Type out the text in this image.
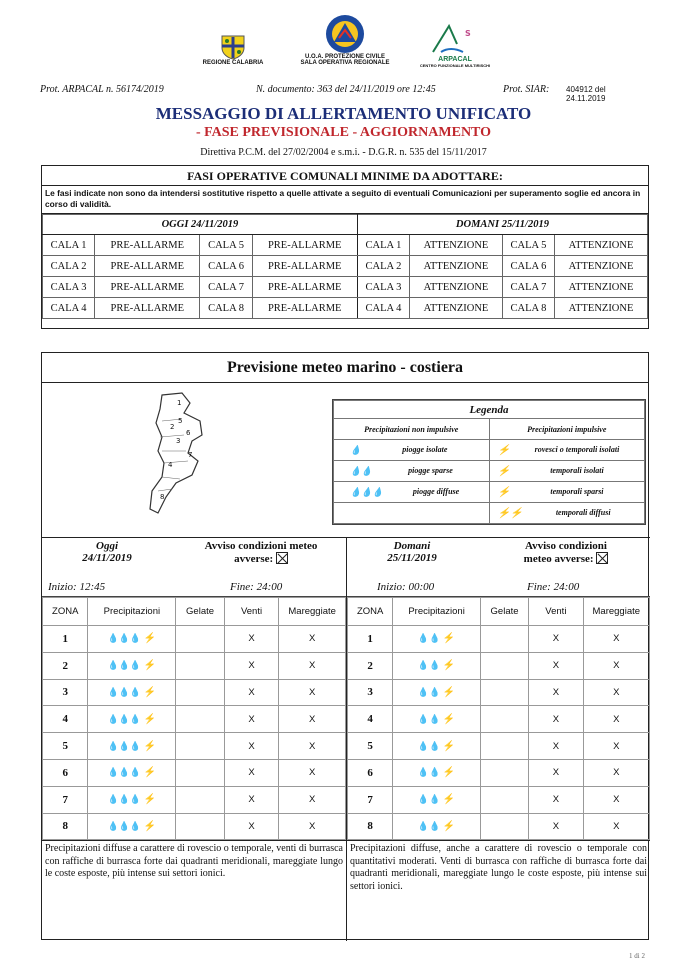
REGIONE CALABRIA
U.O.A. PROTEZIONE CIVILE
SALA OPERATIVA REGIONALE
S
ARPACAL
CENTRO FUNZIONALE MULTIRISCHI
Prot. ARPACAL n. 56174/2019	N. documento: 363 del 24/11/2019 ore 12:45	Prot. SIAR: 404912 del 24.11.2019
MESSAGGIO DI ALLERTAMENTO UNIFICATO
- FASE PREVISIONALE - AGGIORNAMENTO
Direttiva P.C.M. del 27/02/2004 e s.m.i. - D.G.R. n. 535 del 15/11/2017
FASI OPERATIVE COMUNALI MINIME DA ADOTTARE:
Le fasi indicate non sono da intendersi sostitutive rispetto a quelle attivate a seguito di eventuali Comunicazioni per superamento soglie ed ancora in corso di validità.
OGGI 24/11/2019				DOMANI 25/11/2019			
CALA 1	PRE-ALLARME	CALA 5	PRE-ALLARME	CALA 1	ATTENZIONE	CALA 5	ATTENZIONE
CALA 2	PRE-ALLARME	CALA 6	PRE-ALLARME	CALA 2	ATTENZIONE	CALA 6	ATTENZIONE
CALA 3	PRE-ALLARME	CALA 7	PRE-ALLARME	CALA 3	ATTENZIONE	CALA 7	ATTENZIONE
CALA 4	PRE-ALLARME	CALA 8	PRE-ALLARME	CALA 4	ATTENZIONE	CALA 8	ATTENZIONE
Previsione meteo marino - costiera
1
2
3
4
5
6
7
8
Legenda	
Precipitazioni non impulsive	Precipitazioni impulsive

💧 piogge isolate	⚡ rovesci o temporali isolati

💧💧 piogge sparse	⚡ temporali isolati

💧💧💧 piogge diffuse	⚡ temporali sparsi

	⚡⚡ temporali diffusi
Oggi
24/11/2019
Avviso condizioni meteo
avverse:
Inizio: 12:45	Fine: 24:00
ZONA	Precipitazioni	Gelate	Venti	Mareggiate
1	💧💧💧 ⚡		X	X
2	💧💧💧 ⚡		X	X
3	💧💧💧 ⚡		X	X
4	💧💧💧 ⚡		X	X
5	💧💧💧 ⚡		X	X
6	💧💧💧 ⚡		X	X
7	💧💧💧 ⚡		X	X
8	💧💧💧 ⚡		X	X
Precipitazioni diffuse a carattere di rovescio o temporale, venti di burrasca con raffiche di burrasca forte dai quadranti meridionali, mareggiate lungo le coste esposte, più intense sui settori ionici.
Domani
25/11/2019
Avviso condizioni
meteo avverse:
Inizio: 00:00	Fine: 24:00
ZONA	Precipitazioni	Gelate	Venti	Mareggiate
1	💧💧 ⚡		X	X
2	💧💧 ⚡		X	X
3	💧💧 ⚡		X	X
4	💧💧 ⚡		X	X
5	💧💧 ⚡		X	X
6	💧💧 ⚡		X	X
7	💧💧 ⚡		X	X
8	💧💧 ⚡		X	X
Precipitazioni diffuse, anche a carattere di rovescio o temporale con quantitativi moderati. Venti di burrasca con raffiche di burrasca forte dai quadranti meridionali, mareggiate lungo le coste esposte, più intense sui settori ionici.
1 di 2
